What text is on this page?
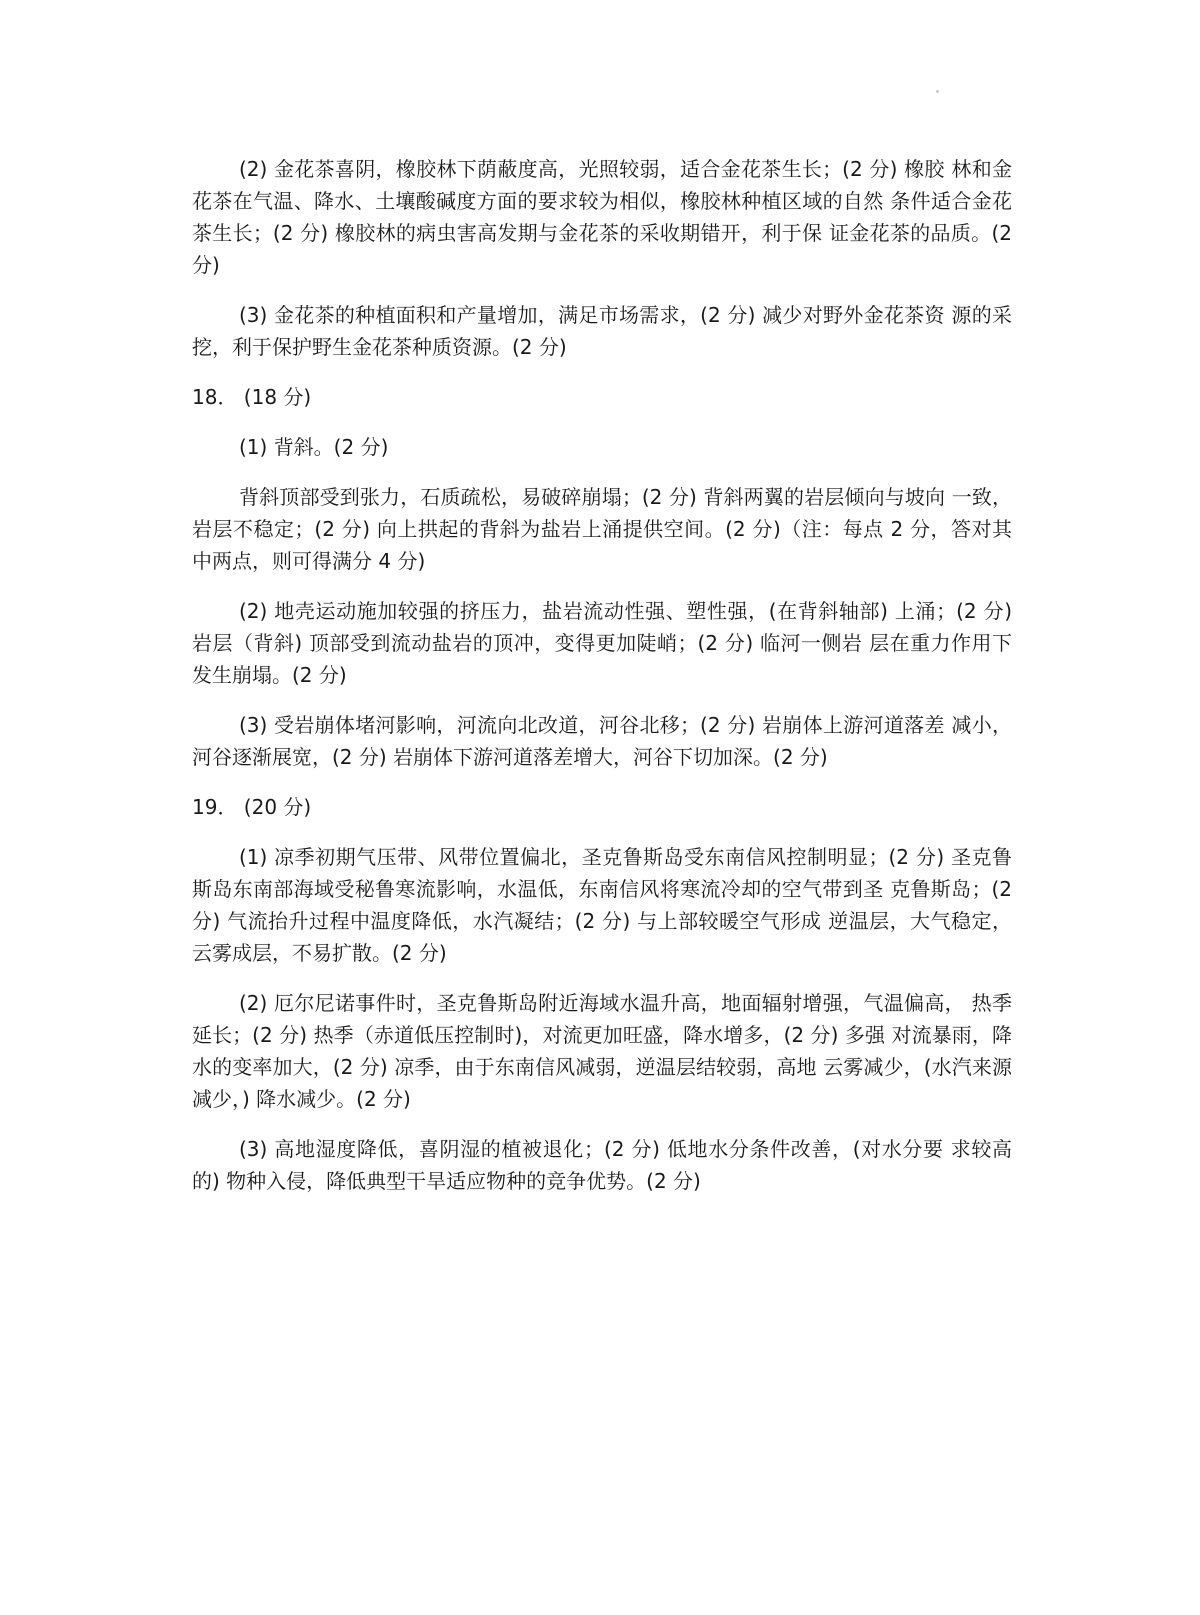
(2) 金花茶喜阴，橡胶林下荫蔽度高，光照较弱，适合金花茶生长；(2 分) 橡胶 林和金花茶在气温、降水、土壤酸碱度方面的要求较为相似，橡胶林种植区域的自然 条件适合金花茶生长；(2 分) 橡胶林的病虫害高发期与金花茶的采收期错开，利于保 证金花茶的品质。(2 分)

(3) 金花茶的种植面积和产量增加，满足市场需求，(2 分) 减少对野外金花茶资 源的采挖，利于保护野生金花茶种质资源。(2 分)

18． (18 分)

(1) 背斜。(2 分)

背斜顶部受到张力，石质疏松，易破碎崩塌；(2 分) 背斜两翼的岩层倾向与坡向 一致，岩层不稳定；(2 分) 向上拱起的背斜为盐岩上涌提供空间。(2 分)（注：每点 2 分，答对其中两点，则可得满分 4 分)

(2) 地壳运动施加较强的挤压力，盐岩流动性强、塑性强，(在背斜轴部) 上涌；(2 分) 岩层（背斜) 顶部受到流动盐岩的顶冲，变得更加陡峭；(2 分) 临河一侧岩 层在重力作用下发生崩塌。(2 分)

(3) 受岩崩体堵河影响，河流向北改道，河谷北移；(2 分) 岩崩体上游河道落差 减小，河谷逐渐展宽，(2 分) 岩崩体下游河道落差增大，河谷下切加深。(2 分)

19． (20 分)

(1) 凉季初期气压带、风带位置偏北，圣克鲁斯岛受东南信风控制明显；(2 分) 圣克鲁斯岛东南部海域受秘鲁寒流影响，水温低，东南信风将寒流冷却的空气带到圣 克鲁斯岛；(2 分) 气流抬升过程中温度降低，水汽凝结；(2 分) 与上部较暖空气形成 逆温层，大气稳定，云雾成层，不易扩散。(2 分)

(2) 厄尔尼诺事件时，圣克鲁斯岛附近海域水温升高，地面辐射增强，气温偏高， 热季延长；(2 分) 热季（赤道低压控制时)，对流更加旺盛，降水增多，(2 分) 多强 对流暴雨，降水的变率加大，(2 分) 凉季，由于东南信风减弱，逆温层结较弱，高地 云雾减少，(水汽来源减少，) 降水减少。(2 分)

(3) 高地湿度降低，喜阴湿的植被退化；(2 分) 低地水分条件改善，(对水分要 求较高的) 物种入侵，降低典型干旱适应物种的竞争优势。(2 分)
